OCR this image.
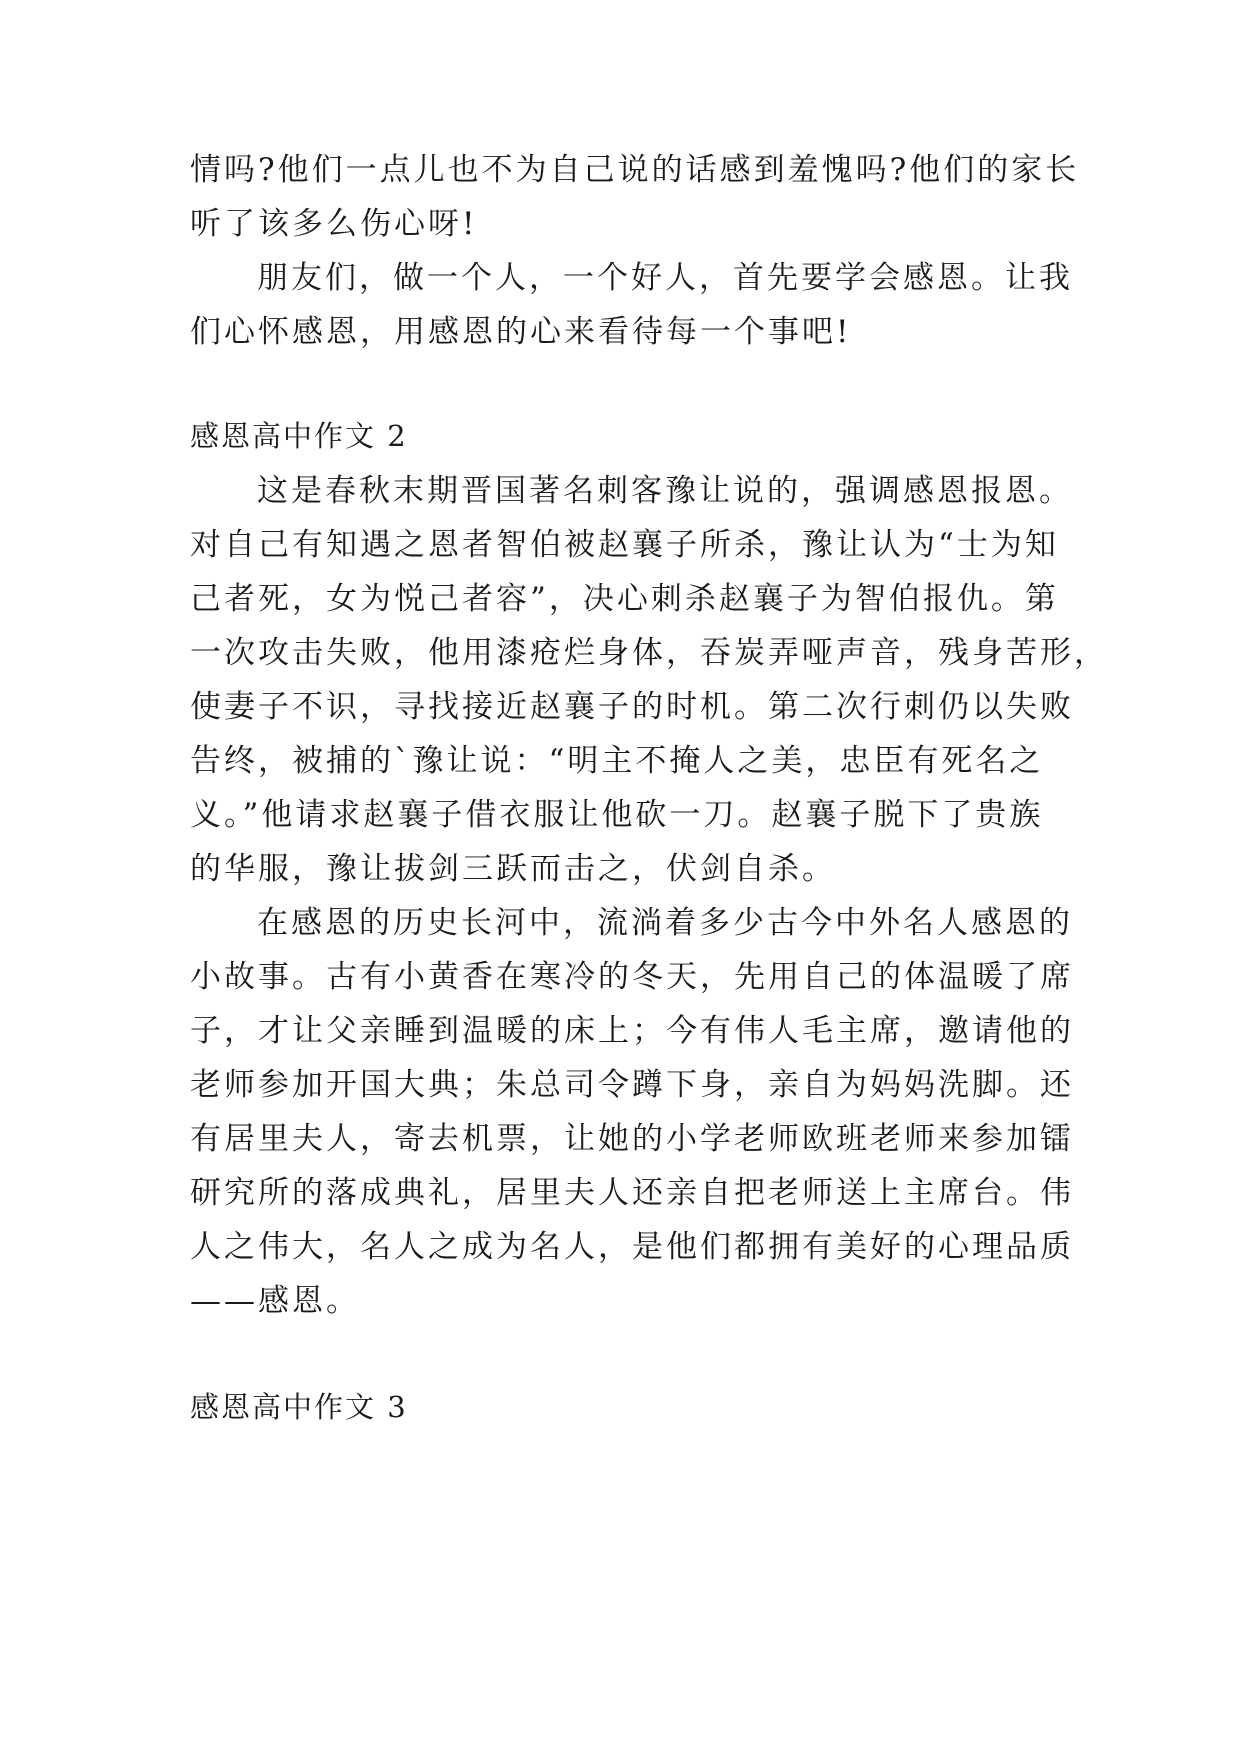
情吗?他们一点儿也不为自己说的话感到羞愧吗?他们的家长
听了该多么伤心呀!
朋友们，做一个人，一个好人，首先要学会感恩。让我
们心怀感恩，用感恩的心来看待每一个事吧!
感恩高中作文 2
这是春秋末期晋国著名刺客豫让说的，强调感恩报恩。
对自己有知遇之恩者智伯被赵襄子所杀，豫让认为“士为知
己者死，女为悦己者容”，决心刺杀赵襄子为智伯报仇。第
一次攻击失败，他用漆疮烂身体，吞炭弄哑声音，残身苦形，
使妻子不识，寻找接近赵襄子的时机。第二次行刺仍以失败
告终，被捕的`豫让说：“明主不掩人之美，忠臣有死名之
义。”他请求赵襄子借衣服让他砍一刀。赵襄子脱下了贵族
的华服，豫让拔剑三跃而击之，伏剑自杀。
在感恩的历史长河中，流淌着多少古今中外名人感恩的
小故事。古有小黄香在寒冷的冬天，先用自己的体温暖了席
子，才让父亲睡到温暖的床上；今有伟人毛主席，邀请他的
老师参加开国大典；朱总司令蹲下身，亲自为妈妈洗脚。还
有居里夫人，寄去机票，让她的小学老师欧班老师来参加镭
研究所的落成典礼，居里夫人还亲自把老师送上主席台。伟
人之伟大，名人之成为名人，是他们都拥有美好的心理品质
——感恩。
感恩高中作文 3
